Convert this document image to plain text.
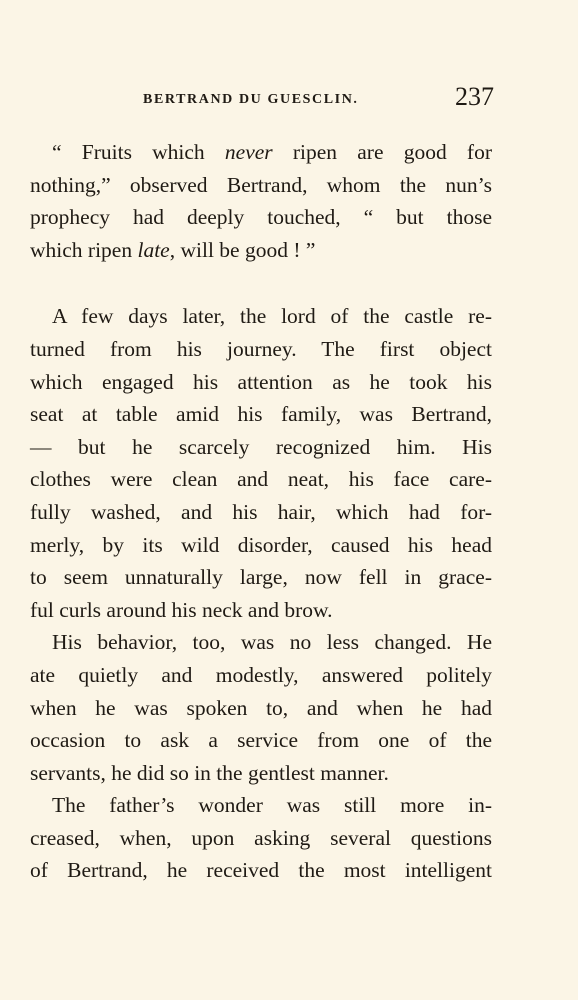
BERTRAND DU GUESCLIN.	237
“ Fruits which never ripen are good for
nothing,” observed Bertrand, whom the nun’s
prophecy had deeply touched, “ but those
which ripen late, will be good ! ”
A few days later, the lord of the castle re-
turned from his journey. The first object
which engaged his attention as he took his
seat at table amid his family, was Bertrand,
— but he scarcely recognized him. His
clothes were clean and neat, his face care-
fully washed, and his hair, which had for-
merly, by its wild disorder, caused his head
to seem unnaturally large, now fell in grace-
ful curls around his neck and brow.
His behavior, too, was no less changed. He
ate quietly and modestly, answered politely
when he was spoken to, and when he had
occasion to ask a service from one of the
servants, he did so in the gentlest manner.
The father’s wonder was still more in-
creased, when, upon asking several questions
of Bertrand, he received the most intelligent
